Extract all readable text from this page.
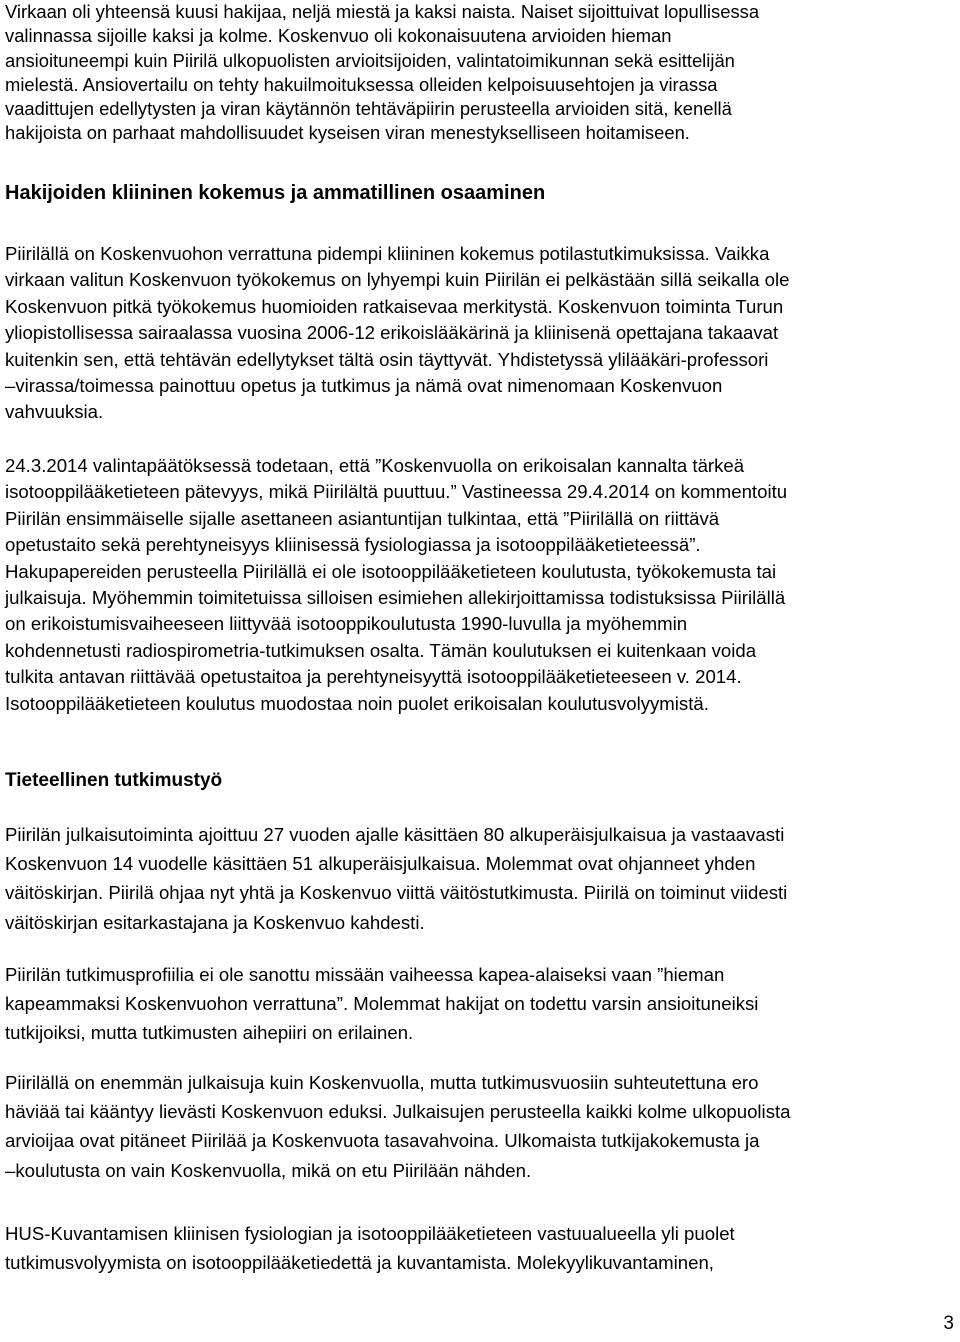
Virkaan oli yhteensä kuusi hakijaa, neljä miestä ja kaksi naista. Naiset sijoittuivat lopullisessa
valinnassa sijoille kaksi ja kolme. Koskenvuo oli kokonaisuutena arvioiden hieman
ansioituneempi kuin Piirilä ulkopuolisten arvioitsijoiden, valintatoimikunnan sekä esittelijän
mielestä. Ansiovertailu on tehty hakuilmoituksessa olleiden kelpoisuusehtojen ja virassa
vaadittujen edellytysten ja viran käytännön tehtäväpiirin perusteella arvioiden sitä, kenellä
hakijoista on parhaat mahdollisuudet kyseisen viran menestykselliseen hoitamiseen.
Hakijoiden kliininen kokemus ja ammatillinen osaaminen
Piirilällä on Koskenvuohon verrattuna pidempi kliininen kokemus potilastutkimuksissa. Vaikka
virkaan valitun Koskenvuon työkokemus on lyhyempi kuin Piirilän ei pelkästään sillä seikalla ole
Koskenvuon pitkä työkokemus huomioiden ratkaisevaa merkitystä. Koskenvuon toiminta Turun
yliopistollisessa sairaalassa vuosina 2006-12 erikoislääkärinä ja kliinisenä opettajana takaavat
kuitenkin sen, että tehtävän edellytykset tältä osin täyttyvät. Yhdistetyssä ylilääkäri-professori
–virassa/toimessa painottuu opetus ja tutkimus ja nämä ovat nimenomaan Koskenvuon
vahvuuksia.
24.3.2014 valintapäätöksessä todetaan, että ”Koskenvuolla on erikoisalan kannalta tärkeä
isotooppilääketieteen pätevyys, mikä Piirilältä puuttuu.” Vastineessa 29.4.2014 on kommentoitu
Piirilän ensimmäiselle sijalle asettaneen asiantuntijan tulkintaa, että ”Piirilällä on riittävä
opetustaito sekä perehtyneisyys kliinisessä fysiologiassa ja isotooppilääketieteessä”.
Hakupapereiden perusteella Piirilällä ei ole isotooppilääketieteen koulutusta, työkokemusta tai
julkaisuja. Myöhemmin toimitetuissa silloisen esimiehen allekirjoittamissa todistuksissa Piirilällä
on erikoistumisvaiheeseen liittyvää isotooppikoulutusta 1990-luvulla ja myöhemmin
kohdennetusti radiospirometria-tutkimuksen osalta. Tämän koulutuksen ei kuitenkaan voida
tulkita antavan riittävää opetustaitoa ja perehtyneisyyttä isotooppilääketieteeseen v. 2014.
Isotooppilääketieteen koulutus muodostaa noin puolet erikoisalan koulutusvolyymistä.
Tieteellinen tutkimustyö
Piirilän julkaisutoiminta ajoittuu 27 vuoden ajalle käsittäen 80 alkuperäisjulkaisua ja vastaavasti
Koskenvuon 14 vuodelle käsittäen 51 alkuperäisjulkaisua. Molemmat ovat ohjanneet yhden
väitöskirjan. Piirilä ohjaa nyt yhtä ja Koskenvuo viittä väitöstutkimusta. Piirilä on toiminut viidesti
väitöskirjan esitarkastajana ja Koskenvuo kahdesti.
Piirilän tutkimusprofiilia ei ole sanottu missään vaiheessa kapea-alaiseksi vaan ”hieman
kapeammaksi Koskenvuohon verrattuna”. Molemmat hakijat on todettu varsin ansioituneiksi
tutkijoiksi, mutta tutkimusten aihepiiri on erilainen.
Piirilällä on enemmän julkaisuja kuin Koskenvuolla, mutta tutkimusvuosiin suhteutettuna ero
häviää tai kääntyy lievästi Koskenvuon eduksi. Julkaisujen perusteella kaikki kolme ulkopuolista
arvioijaa ovat pitäneet Piirilää ja Koskenvuota tasavahvoina. Ulkomaista tutkijakokemusta ja
–koulutusta on vain Koskenvuolla, mikä on etu Piirilään nähden.
HUS-Kuvantamisen kliinisen fysiologian ja isotooppilääketieteen vastuualueella yli puolet
tutkimusvolyymista on isotooppilääketiedettä ja kuvantamista. Molekyylikuvantaminen,
3
